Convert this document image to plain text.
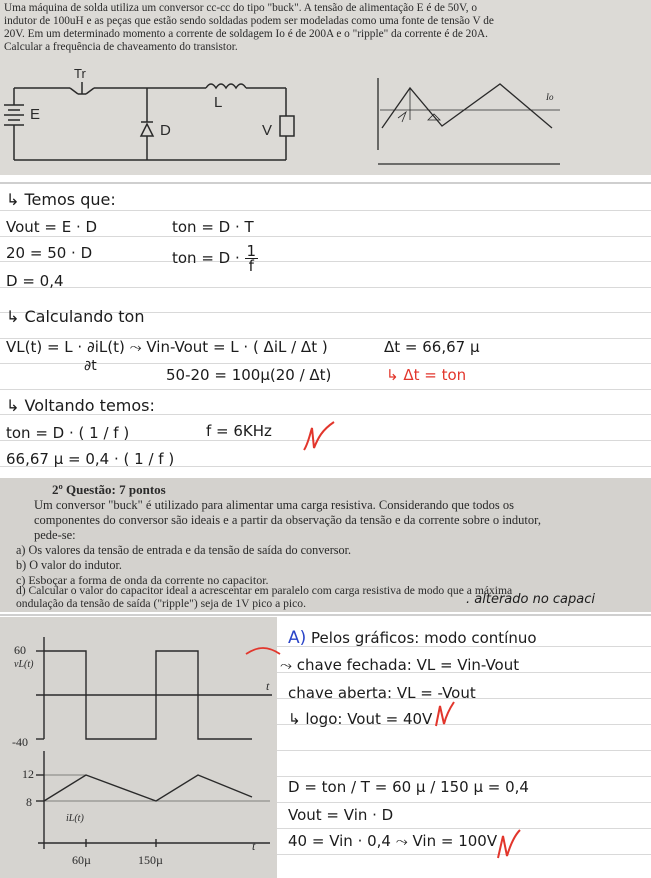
Uma máquina de solda utiliza um conversor cc-cc do tipo "buck". A tensão de alimentação E é de 50V, o
indutor de 100uH e as peças que estão sendo soldadas podem ser modeladas como uma fonte de tensão V de
20V. Em um determinado momento a corrente de soldagem Io é de 200A e o "ripple" da corrente é de 20A.
Calcular a frequência de chaveamento do transistor.
Tr
L
E
D	V
Io
↳ Temos que:
Vout = E · D	ton = D · T
20 = 50 · D	ton = $D \cdot \frac{1}{f}$
D = 0,4
↳ Calculando ton
VL(t) = L · ∂iL(t) ⤳ Vin-Vout = L · ( ΔiL / Δt )
∂t
Δt = 66,67 µ
50-20 = 100µ(20 / Δt)	↳ Δt = ton
↳ Voltando temos:
ton = D · ( 1 / f )	f = 6KHz
66,67 µ = 0,4 · ( 1 / f )
2º Questão: 7 pontos
Um conversor "buck" é utilizado para alimentar uma carga resistiva. Considerando que todos os
componentes do conversor são ideais e a partir da observação da tensão e da corrente sobre o indutor,
pede-se:
a) Os valores da tensão de entrada e da tensão de saída do conversor.
b) O valor do indutor.
c) Esboçar a forma de onda da corrente no capacitor.
d) Calcular o valor do capacitor ideal a acrescentar em paralelo com carga resistiva de modo que a máxima
ondulação da tensão de saída ("ripple") seja de 1V pico a pico.	. alterado no capaci
60
vL(t)
t
-40
12
8
iL(t)
60µ	150µ
t
A) Pelos gráficos: modo contínuo
⤳ chave fechada: VL = Vin-Vout
chave aberta: VL = -Vout
↳ logo: Vout = 40V
D = ton / T = 60 µ / 150 µ = 0,4
Vout = Vin · D
40 = Vin · 0,4 ⤳ Vin = 100V
